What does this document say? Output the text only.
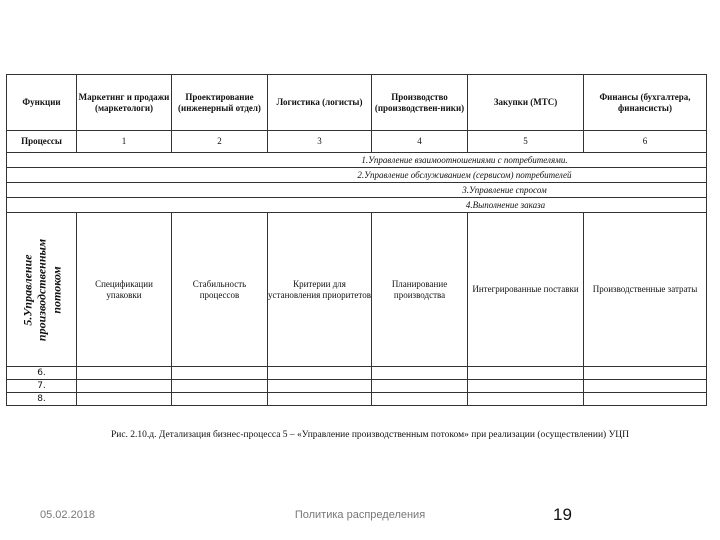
Функции	Маркетинг и продажи (маркетологи)	Проектирование (инженерный отдел)	Логистика (логисты)	Производство (производствен-ники)	Закупки (МТС)	Финансы (бухгалтера, финансисты)
Процессы	1	2	3	4	5	6
1.Управление взаимоотношениями с потребителями.						
2.Управление обслуживанием (сервисом) потребителей						
3.Управление спросом						
4.Выполнение заказа						

5.Управление производственным потоком	Спецификации упаковки	Стабильность процессов	Критерии для установления приоритетов	Планирование производства	Интегрированные поставки	Производственные затраты
6.						
7.						
8.						
Рис. 2.10.д. Детализация бизнес-процесса 5 – «Управление производственным потоком» при реализации (осуществлении) УЦП
05.02.2018	Политика распределения	19
